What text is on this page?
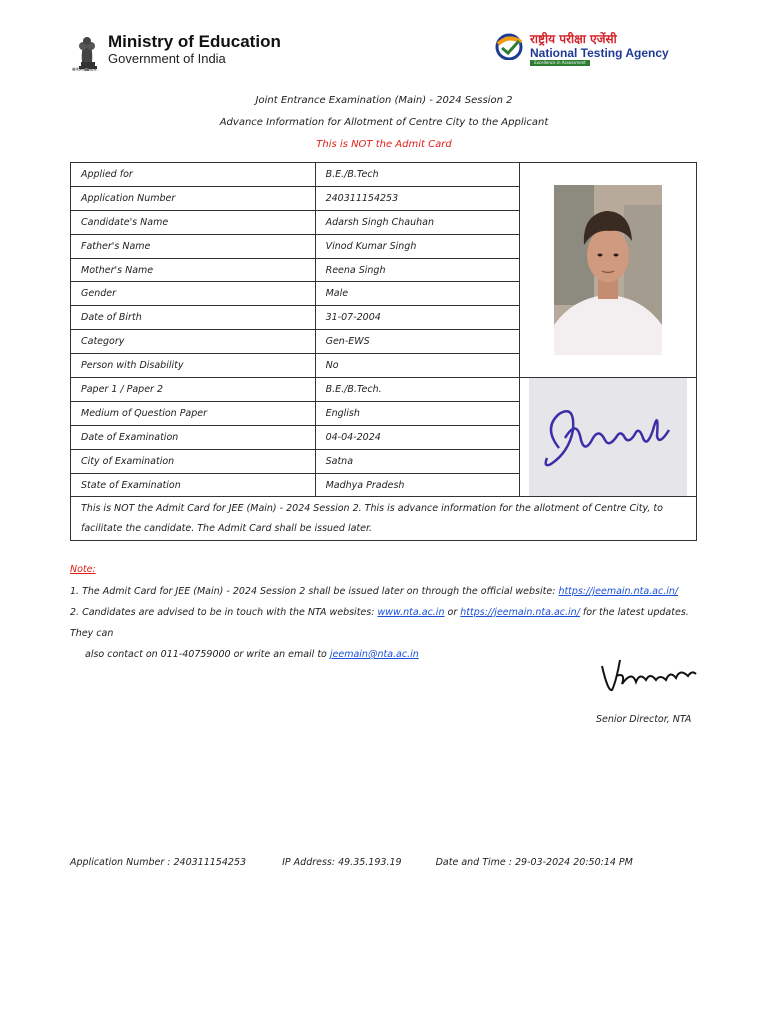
Ministry of Education
Government of India
सत्यमेव जयते
राष्ट्रीय परीक्षा एजेंसी
National Testing Agency
Excellence in Assessment
Joint Entrance Examination (Main) - 2024 Session 2
Advance Information for Allotment of Centre City to the Applicant
This is NOT the Admit Card
Applied for	B.E./B.Tech	

Application Number	240311154253	
Candidate's Name	Adarsh Singh Chauhan	
Father's Name	Vinod Kumar Singh	
Mother's Name	Reena Singh	
Gender	Male	
Date of Birth	31-07-2004	
Category	Gen-EWS	
Person with Disability	No	
Paper 1 / Paper 2	B.E./B.Tech.	

Medium of Question Paper	English	
Date of Examination	04-04-2024	
City of Examination	Satna	
State of Examination	Madhya Pradesh	
This is NOT the Admit Card for JEE (Main) - 2024 Session 2. This is advance information for the allotment of Centre City, to facilitate the candidate. The Admit Card shall be issued later.		
Note:
1. The Admit Card for JEE (Main) - 2024 Session 2 shall be issued later on through the official website: https://jeemain.nta.ac.in/
2. Candidates are advised to be in touch with the NTA websites: www.nta.ac.in or https://jeemain.nta.ac.in/ for the latest updates. They can
also contact on 011-40759000 or write an email to jeemain@nta.ac.in
Senior Director, NTA
Application Number : 240311154253	IP Address: 49.35.193.19	Date and Time : 29-03-2024 20:50:14 PM
